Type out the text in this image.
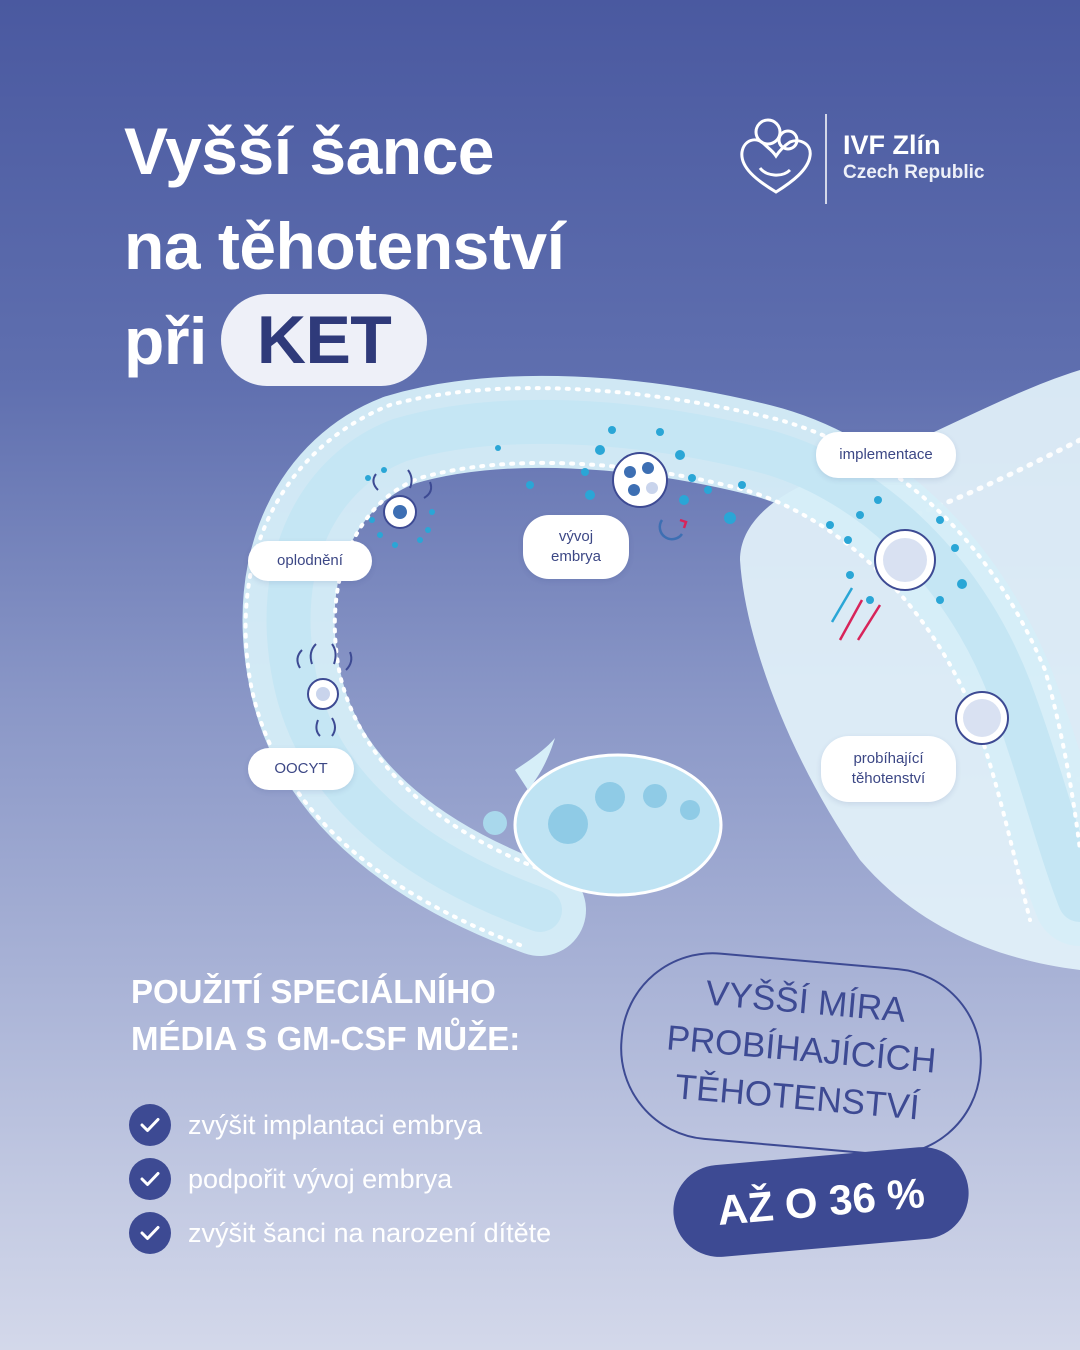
Vyšší šance
na těhotenství
při KET
IVF Zlín
Czech Republic
implementace
oplodnění
vývoj
embrya
OOCYT
probíhající
těhotenství
POUŽITÍ SPECIÁLNÍHO
MÉDIA S GM-CSF MŮŽE:
zvýšit implantaci embrya
podpořit vývoj embrya
zvýšit šanci na narození dítěte
VYŠŠÍ MÍRA
PROBÍHAJÍCÍCH
TĚHOTENSTVÍ
AŽ O 36 %
